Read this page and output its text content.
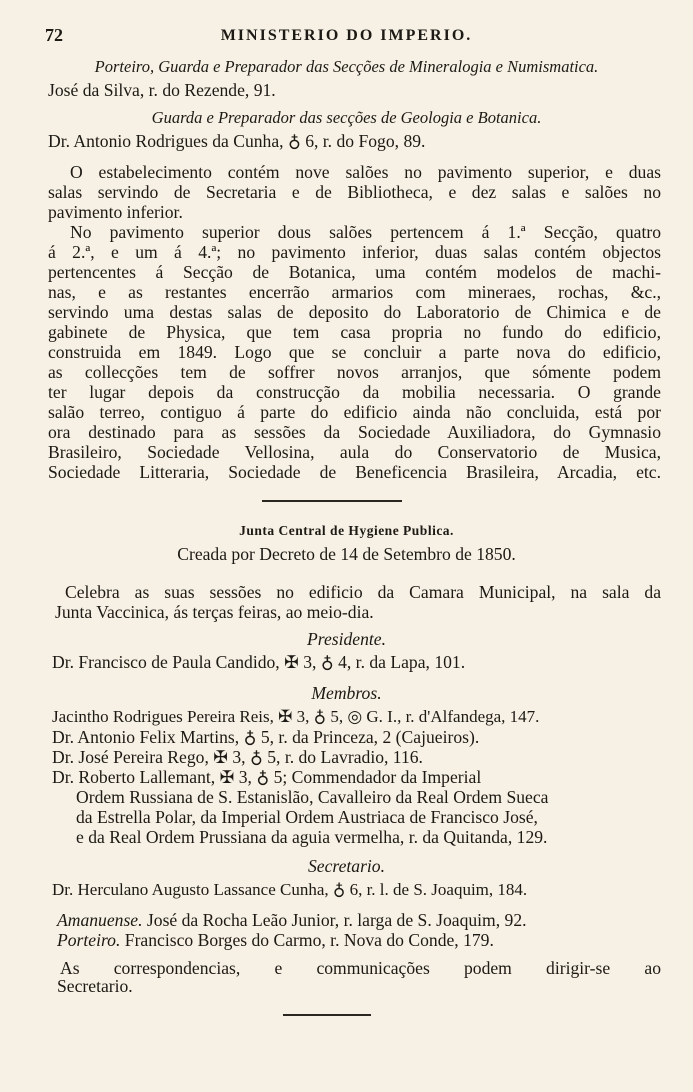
72	MINISTERIO DO IMPERIO.
Porteiro, Guarda e Preparador das Secções de Mineralogia e Numismatica.
José da Silva, r. do Rezende, 91.
Guarda e Preparador das secções de Geologia e Botanica.
Dr. Antonio Rodrigues da Cunha, ♁ 6, r. do Fogo, 89.
O estabelecimento contém nove salões no pavimento superior, e duas
salas servindo de Secretaria e de Bibliotheca, e dez salas e salões no
pavimento inferior.
No pavimento superior dous salões pertencem á 1.ª Secção, quatro
á 2.ª, e um á 4.ª; no pavimento inferior, duas salas contém objectos
pertencentes á Secção de Botanica, uma contém modelos de machi-
nas, e as restantes encerrão armarios com mineraes, rochas, &c.,
servindo uma destas salas de deposito do Laboratorio de Chimica e de
gabinete de Physica, que tem casa propria no fundo do edificio,
construida em 1849. Logo que se concluir a parte nova do edificio,
as collecções tem de soffrer novos arranjos, que sómente podem
ter lugar depois da construcção da mobilia necessaria. O grande
salão terreo, contiguo á parte do edificio ainda não concluida, está por
ora destinado para as sessões da Sociedade Auxiliadora, do Gymnasio
Brasileiro, Sociedade Vellosina, aula do Conservatorio de Musica,
Sociedade Litteraria, Sociedade de Beneficencia Brasileira, Arcadia, etc.
Junta Central de Hygiene Publica.
Creada por Decreto de 14 de Setembro de 1850.
Celebra as suas sessões no edificio da Camara Municipal, na sala da
Junta Vaccinica, ás terças feiras, ao meio-dia.
Presidente.
Dr. Francisco de Paula Candido, ✠ 3, ♁ 4, r. da Lapa, 101.
Membros.
Jacintho Rodrigues Pereira Reis, ✠ 3, ♁ 5, ◎ G. I., r. d'Alfandega, 147.
Dr. Antonio Felix Martins, ♁ 5, r. da Princeza, 2 (Cajueiros).
Dr. José Pereira Rego, ✠ 3, ♁ 5, r. do Lavradio, 116.
Dr. Roberto Lallemant, ✠ 3, ♁ 5; Commendador da Imperial
Ordem Russiana de S. Estanislão, Cavalleiro da Real Ordem Sueca
da Estrella Polar, da Imperial Ordem Austriaca de Francisco José,
e da Real Ordem Prussiana da aguia vermelha, r. da Quitanda, 129.
Secretario.
Dr. Herculano Augusto Lassance Cunha, ♁ 6, r. l. de S. Joaquim, 184.
Amanuense. José da Rocha Leão Junior, r. larga de S. Joaquim, 92.
Porteiro. Francisco Borges do Carmo, r. Nova do Conde, 179.
As correspondencias, e communicações podem dirigir-se ao
Secretario.
